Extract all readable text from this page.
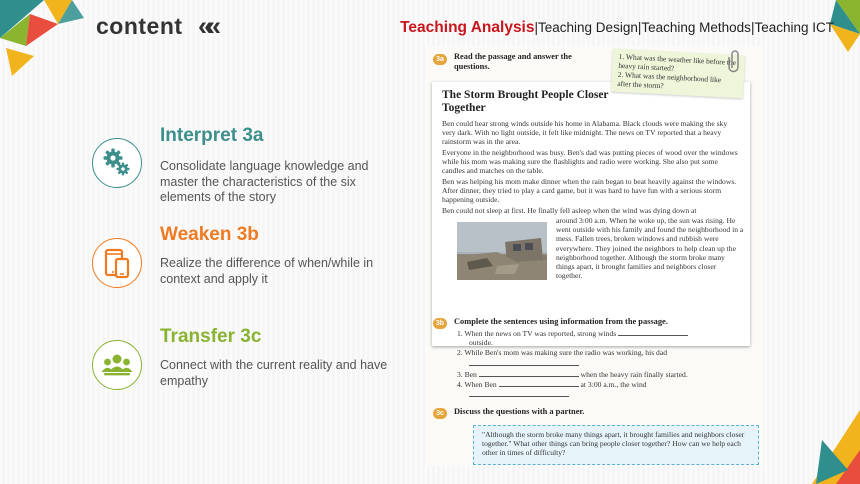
content ««	Teaching Analysis|Teaching Design|Teaching Methods|Teaching ICT
Interpret 3a
Consolidate language knowledge and master the characteristics of the six elements of the story
Weaken 3b
Realize the difference of when/while in context and apply it
Transfer 3c
Connect with the current reality and have empathy
3a	Read the passage and answer the questions.
The Storm Brought People Closer Together
Ben could hear strong winds outside his home in Alabama. Black clouds were making the sky very dark. With no light outside, it felt like midnight. The news on TV reported that a heavy rainstorm was in the area.
Everyone in the neighborhood was busy. Ben's dad was putting pieces of wood over the windows while his mom was making sure the flashlights and radio were working. She also put some candles and matches on the table.
Ben was helping his mom make dinner when the rain began to beat heavily against the windows. After dinner, they tried to play a card game, but it was hard to have fun with a serious storm happening outside.
Ben could not sleep at first. He finally fell asleep when the wind was dying down at
around 3:00 a.m. When he woke up, the sun was rising. He went outside with his family and found the neighborhood in a mess. Fallen trees, broken windows and rubbish were everywhere. They joined the neighbors to help clean up the neighborhood together. Although the storm broke many things apart, it brought families and neighbors closer together.
1. What was the weather like before the heavy rain started?
2. What was the neighborhood like after the storm?
3b	Complete the sentences using information from the passage.
1. When the news on TV was reported, strong winds
outside.
2. While Ben's mom was making sure the radio was working, his dad
3. Ben	when the heavy rain finally started.
4. When Ben	at 3:00 a.m., the wind
3c	Discuss the questions with a partner.
"Although the storm broke many things apart, it brought families and neighbors closer together." What other things can bring people closer together? How can we help each other in times of difficulty?
